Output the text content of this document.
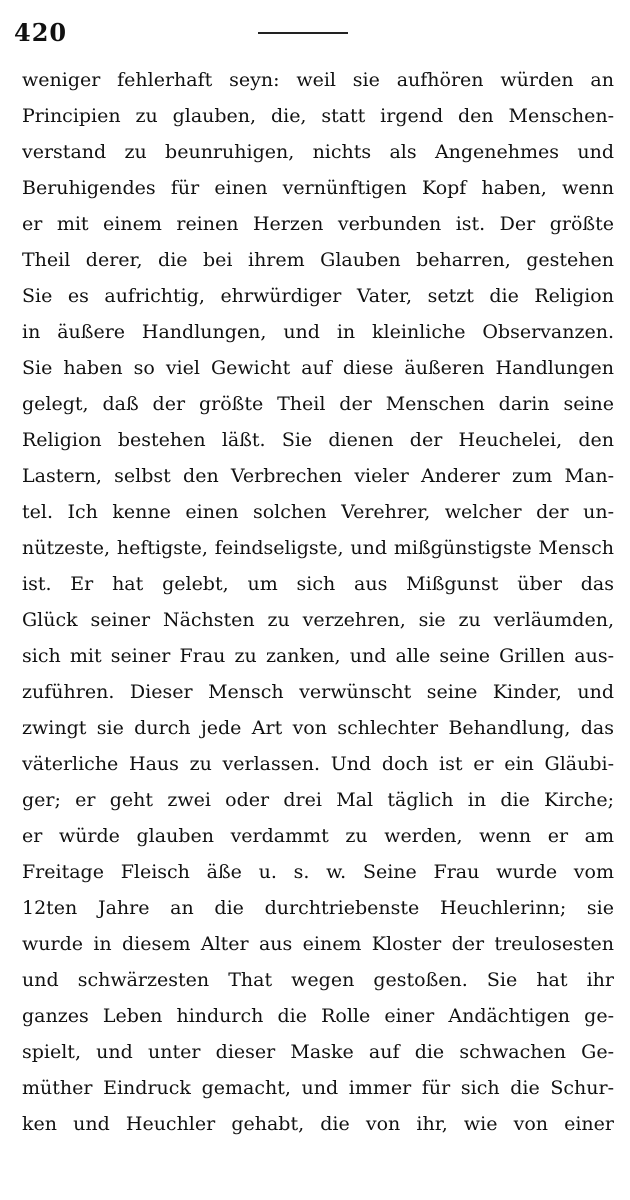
420
weniger fehlerhaft seyn: weil sie aufhören würden an
Principien zu glauben, die, statt irgend den Menschen-
verstand zu beunruhigen, nichts als Angenehmes und
Beruhigendes für einen vernünftigen Kopf haben, wenn
er mit einem reinen Herzen verbunden ist. Der größte
Theil derer, die bei ihrem Glauben beharren, gestehen
Sie es aufrichtig, ehrwürdiger Vater, setzt die Religion
in äußere Handlungen, und in kleinliche Observanzen.
Sie haben so viel Gewicht auf diese äußeren Handlungen
gelegt, daß der größte Theil der Menschen darin seine
Religion bestehen läßt. Sie dienen der Heuchelei, den
Lastern, selbst den Verbrechen vieler Anderer zum Man-
tel. Ich kenne einen solchen Verehrer, welcher der un-
nützeste, heftigste, feindseligste, und mißgünstigste Mensch
ist. Er hat gelebt, um sich aus Mißgunst über das
Glück seiner Nächsten zu verzehren, sie zu verläumden,
sich mit seiner Frau zu zanken, und alle seine Grillen aus-
zuführen. Dieser Mensch verwünscht seine Kinder, und
zwingt sie durch jede Art von schlechter Behandlung, das
väterliche Haus zu verlassen. Und doch ist er ein Gläubi-
ger; er geht zwei oder drei Mal täglich in die Kirche;
er würde glauben verdammt zu werden, wenn er am
Freitage Fleisch äße u. s. w. Seine Frau wurde vom
12ten Jahre an die durchtriebenste Heuchlerinn; sie
wurde in diesem Alter aus einem Kloster der treulosesten
und schwärzesten That wegen gestoßen. Sie hat ihr
ganzes Leben hindurch die Rolle einer Andächtigen ge-
spielt, und unter dieser Maske auf die schwachen Ge-
müther Eindruck gemacht, und immer für sich die Schur-
ken und Heuchler gehabt, die von ihr, wie von einer
